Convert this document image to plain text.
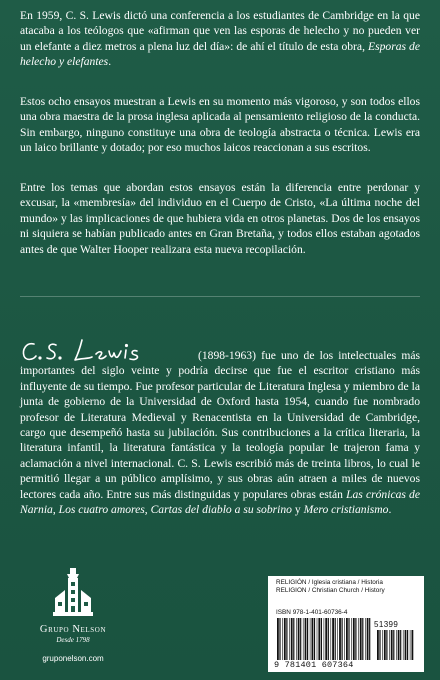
En 1959, C. S. Lewis dictó una conferencia a los estudiantes de Cambridge en la que atacaba a los teólogos que «afirman que ven las esporas de helecho y no pueden ver un elefante a diez metros a plena luz del día»: de ahí el título de esta obra, Esporas de helecho y elefantes.

Estos ocho ensayos muestran a Lewis en su momento más vigoroso, y son todos ellos una obra maestra de la prosa inglesa aplicada al pensamiento religioso de la conducta. Sin embargo, ninguno constituye una obra de teología abstracta o técnica. Lewis era un laico brillante y dotado; por eso muchos laicos reaccionan a sus escritos.

Entre los temas que abordan estos ensayos están la diferencia entre perdonar y excusar, la «membresía» del individuo en el Cuerpo de Cristo, «La última noche del mundo» y las implicaciones de que hubiera vida en otros planetas. Dos de los ensayos ni siquiera se habían publicado antes en Gran Bretaña, y todos ellos estaban agotados antes de que Walter Hooper realizara esta nueva recopilación.

(1898-1963) fue uno de los intelectuales más importantes del siglo veinte y podría decirse que fue el escritor cristiano más influyente de su tiempo. Fue profesor particular de Literatura Inglesa y miembro de la junta de gobierno de la Universidad de Oxford hasta 1954, cuando fue nombrado profesor de Literatura Medieval y Renacentista en la Universidad de Cambridge, cargo que desempeñó hasta su jubilación. Sus contribuciones a la crítica literaria, la literatura infantil, la literatura fantástica y la teología popular le trajeron fama y aclamación a nivel internacional. C. S. Lewis escribió más de treinta libros, lo cual le permitió llegar a un público amplísimo, y sus obras aún atraen a miles de nuevos lectores cada año. Entre sus más distinguidas y populares obras están Las crónicas de Narnia, Los cuatro amores, Cartas del diablo a su sobrino y Mero cristianismo.

Grupo Nelson
Desde 1798
gruponelson.com
RELIGIÓN / Iglesia cristiana / Historia
RELIGION / Christian Church / History
ISBN 978-1-401-60736-4
51399
9 781401 607364
